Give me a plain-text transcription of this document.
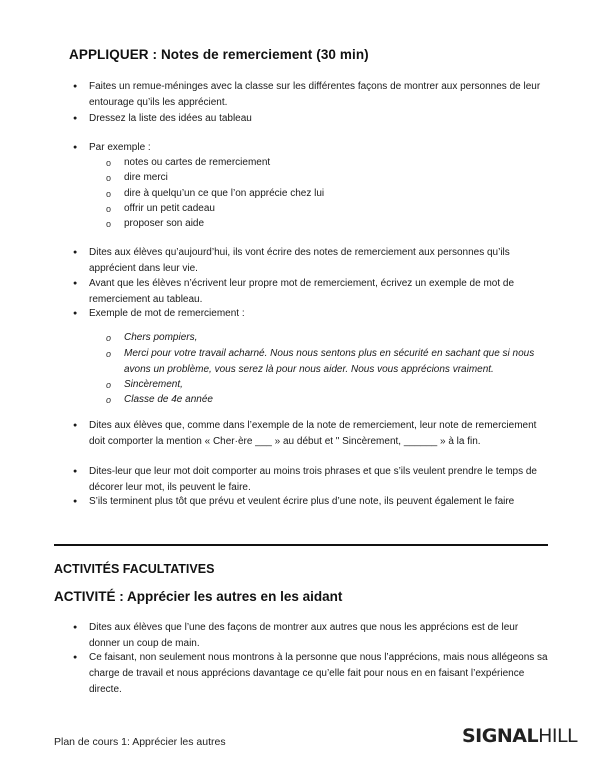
APPLIQUER : Notes de remerciement (30 min)
● Faites un remue-méninges avec la classe sur les différentes façons de montrer aux personnes de leur entourage qu’ils les apprécient.
● Dressez la liste des idées au tableau
● Par exemple :
o notes ou cartes de remerciement
o dire merci
o dire à quelqu’un ce que l’on apprécie chez lui
o offrir un petit cadeau
o proposer son aide
● Dites aux élèves qu’aujourd’hui, ils vont écrire des notes de remerciement aux personnes qu’ils apprécient dans leur vie.
● Avant que les élèves n’écrivent leur propre mot de remerciement, écrivez un exemple de mot de remerciement au tableau.
● Exemple de mot de remerciement :
o Chers pompiers,
o Merci pour votre travail acharné. Nous nous sentons plus en sécurité en sachant que si nous avons un problème, vous serez là pour nous aider. Nous vous apprécions vraiment.
o Sincèrement,
o Classe de 4e année
● Dites aux élèves que, comme dans l’exemple de la note de remerciement, leur note de remerciement doit comporter la mention « Cher·ère ___ » au début et " Sincèrement, ______ » à la fin.
● Dites-leur que leur mot doit comporter au moins trois phrases et que s’ils veulent prendre le temps de décorer leur mot, ils peuvent le faire.
● S’ils terminent plus tôt que prévu et veulent écrire plus d’une note, ils peuvent également le faire
ACTIVITÉS FACULTATIVES
ACTIVITÉ : Apprécier les autres en les aidant
● Dites aux élèves que l’une des façons de montrer aux autres que nous les apprécions est de leur donner un coup de main.
● Ce faisant, non seulement nous montrons à la personne que nous l’apprécions, mais nous allégeons sa charge de travail et nous apprécions davantage ce qu’elle fait pour nous en en faisant l’expérience directe.
Plan de cours 1: Apprécier les autres	SIGNALHILL
